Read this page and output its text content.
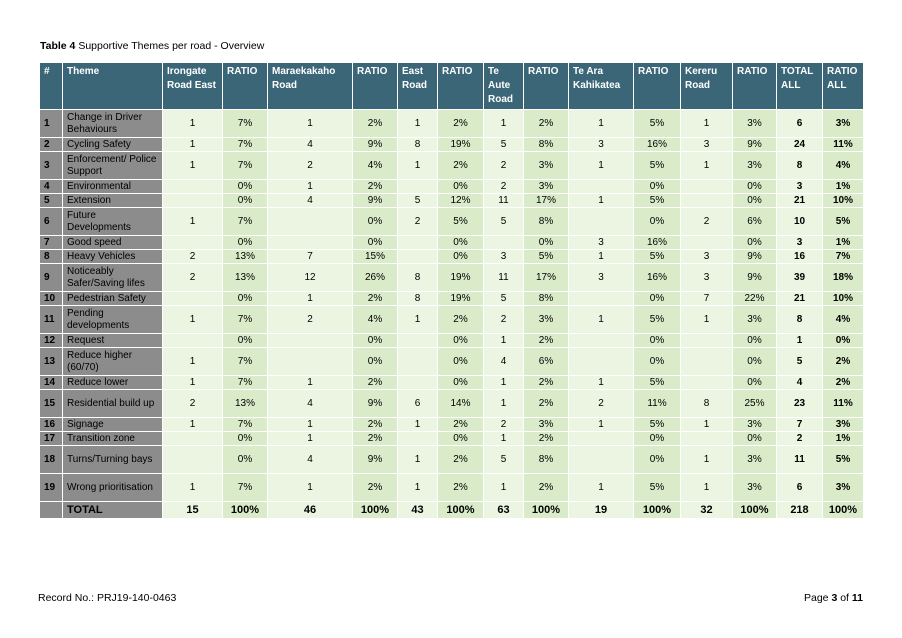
Table 4 Supportive Themes per road - Overview
#	Theme	Irongate Road East	RATIO	Maraekakaho Road	RATIO	East Road	RATIO	Te Aute Road	RATIO	Te Ara Kahikatea	RATIO	Kereru Road	RATIO	TOTAL ALL	RATIO ALL
1	Change in Driver Behaviours	1	7%	1	2%	1	2%	1	2%	1	5%	1	3%	6	3%
2	Cycling Safety	1	7%	4	9%	8	19%	5	8%	3	16%	3	9%	24	11%
3	Enforcement/ Police Support	1	7%	2	4%	1	2%	2	3%	1	5%	1	3%	8	4%
4	Environmental		0%	1	2%		0%	2	3%		0%		0%	3	1%
5	Extension		0%	4	9%	5	12%	11	17%	1	5%		0%	21	10%
6	Future Developments	1	7%		0%	2	5%	5	8%		0%	2	6%	10	5%
7	Good speed		0%		0%		0%		0%	3	16%		0%	3	1%
8	Heavy Vehicles	2	13%	7	15%		0%	3	5%	1	5%	3	9%	16	7%
9	Noticeably Safer/Saving lifes	2	13%	12	26%	8	19%	11	17%	3	16%	3	9%	39	18%
10	Pedestrian Safety		0%	1	2%	8	19%	5	8%		0%	7	22%	21	10%
11	Pending developments	1	7%	2	4%	1	2%	2	3%	1	5%	1	3%	8	4%
12	Request		0%		0%		0%	1	2%		0%		0%	1	0%
13	Reduce higher (60/70)	1	7%		0%		0%	4	6%		0%		0%	5	2%
14	Reduce lower	1	7%	1	2%		0%	1	2%	1	5%		0%	4	2%
15	Residential build up	2	13%	4	9%	6	14%	1	2%	2	11%	8	25%	23	11%
16	Signage	1	7%	1	2%	1	2%	2	3%	1	5%	1	3%	7	3%
17	Transition zone		0%	1	2%		0%	1	2%		0%		0%	2	1%
18	Turns/Turning bays		0%	4	9%	1	2%	5	8%		0%	1	3%	11	5%
19	Wrong prioritisation	1	7%	1	2%	1	2%	1	2%	1	5%	1	3%	6	3%
	TOTAL	15	100%	46	100%	43	100%	63	100%	19	100%	32	100%	218	100%
Record No.: PRJ19-140-0463	Page 3 of 11
